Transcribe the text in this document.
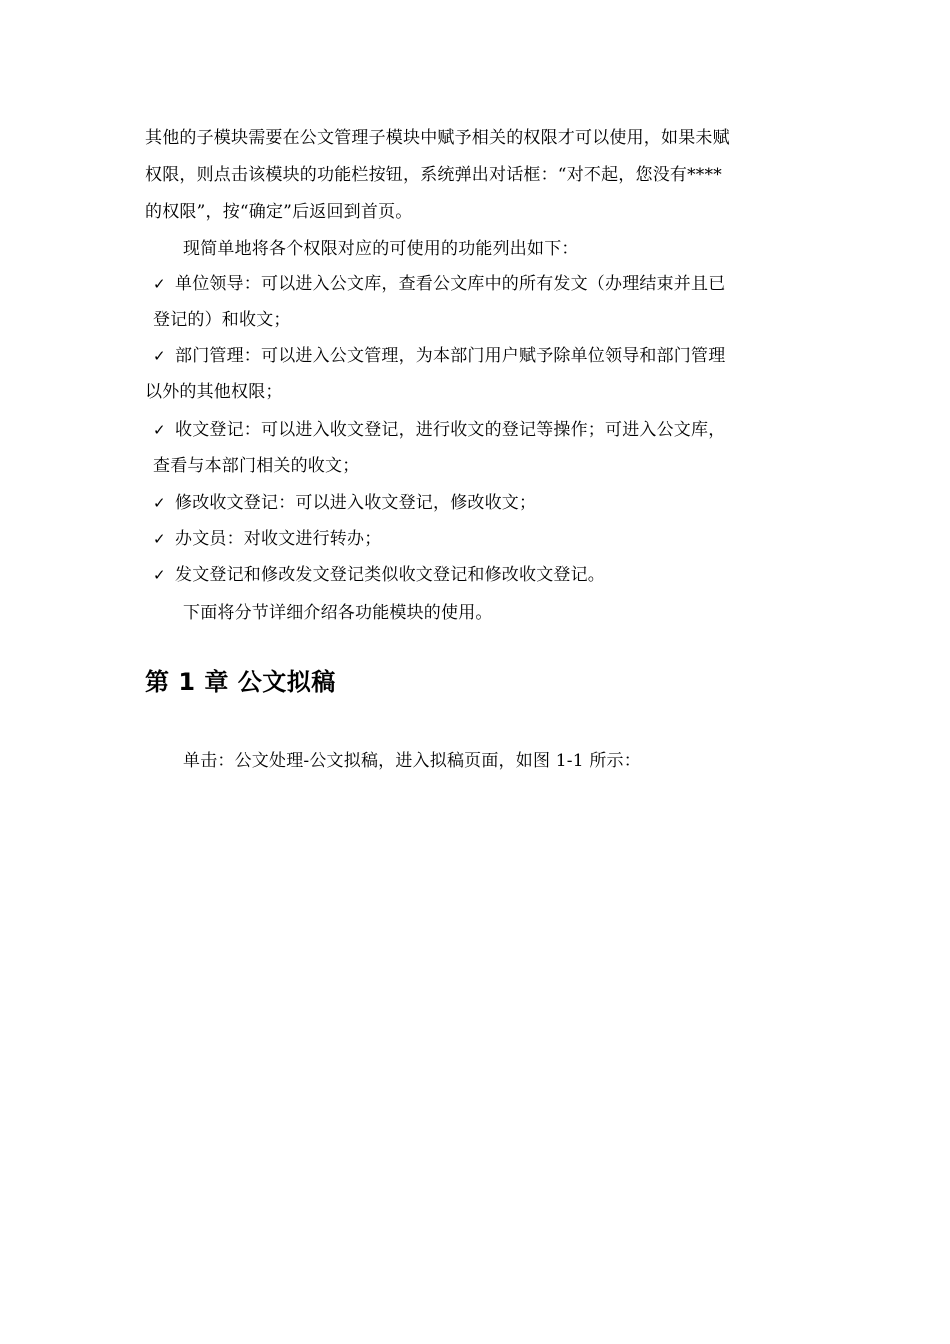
其他的子模块需要在公文管理子模块中赋予相关的权限才可以使用，如果未赋
权限，则点击该模块的功能栏按钮，系统弹出对话框：“对不起，您没有****
的权限”，按“确定”后返回到首页。
现简单地将各个权限对应的可使用的功能列出如下：
✓ 单位领导：可以进入公文库，查看公文库中的所有发文（办理结束并且已
登记的）和收文；
✓ 部门管理：可以进入公文管理，为本部门用户赋予除单位领导和部门管理
以外的其他权限；
✓ 收文登记：可以进入收文登记，进行收文的登记等操作；可进入公文库，
查看与本部门相关的收文；
✓ 修改收文登记：可以进入收文登记，修改收文；
✓ 办文员：对收文进行转办；
✓ 发文登记和修改发文登记类似收文登记和修改收文登记。
下面将分节详细介绍各功能模块的使用。
第 1 章 公文拟稿
单击：公文处理-公文拟稿，进入拟稿页面，如图 1-1 所示：
